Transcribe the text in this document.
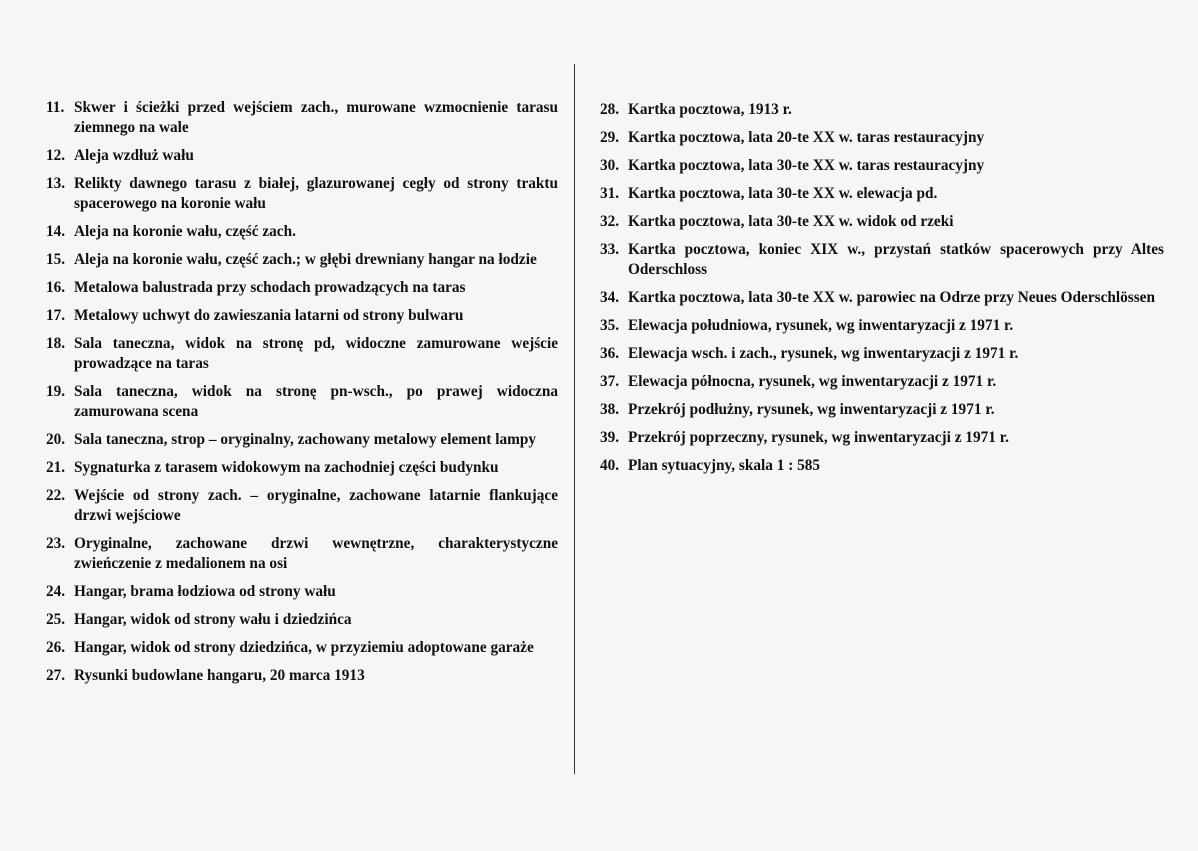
11. Skwer i ścieżki przed wejściem zach., murowane wzmocnienie tarasu ziemnego na wale
12. Aleja wzdłuż wału
13. Relikty dawnego tarasu z białej, glazurowanej cegły od strony traktu spacerowego na koronie wału
14. Aleja na koronie wału, część zach.
15. Aleja na koronie wału, część zach.; w głębi drewniany hangar na łodzie
16. Metalowa balustrada przy schodach prowadzących na taras
17. Metalowy uchwyt do zawieszania latarni od strony bulwaru
18. Sala taneczna, widok na stronę pd, widoczne zamurowane wejście prowadzące na taras
19. Sala taneczna, widok na stronę pn-wsch., po prawej widoczna zamurowana scena
20. Sala taneczna, strop – oryginalny, zachowany metalowy element lampy
21. Sygnaturka z tarasem widokowym na zachodniej części budynku
22. Wejście od strony zach. – oryginalne, zachowane latarnie flankujące drzwi wejściowe
23. Oryginalne, zachowane drzwi wewnętrzne, charakterystyczne zwieńczenie z medalionem na osi
24. Hangar, brama łodziowa od strony wału
25. Hangar, widok od strony wału i dziedzińca
26. Hangar, widok od strony dziedzińca, w przyziemiu adoptowane garaże
27. Rysunki budowlane hangaru, 20 marca 1913
28. Kartka pocztowa, 1913 r.
29. Kartka pocztowa, lata 20-te XX w. taras restauracyjny
30. Kartka pocztowa, lata 30-te XX w. taras restauracyjny
31. Kartka pocztowa, lata 30-te XX w. elewacja pd.
32. Kartka pocztowa, lata 30-te XX w. widok od rzeki
33. Kartka pocztowa, koniec XIX w., przystań statków spacerowych przy Altes Oderschloss
34. Kartka pocztowa, lata 30-te XX w. parowiec na Odrze przy Neues Oderschlössen
35. Elewacja południowa, rysunek, wg inwentaryzacji z 1971 r.
36. Elewacja wsch. i zach., rysunek, wg inwentaryzacji z 1971 r.
37. Elewacja północna, rysunek, wg inwentaryzacji z 1971 r.
38. Przekrój podłużny, rysunek, wg inwentaryzacji z 1971 r.
39. Przekrój poprzeczny, rysunek, wg inwentaryzacji z 1971 r.
40. Plan sytuacyjny, skala 1 : 585
